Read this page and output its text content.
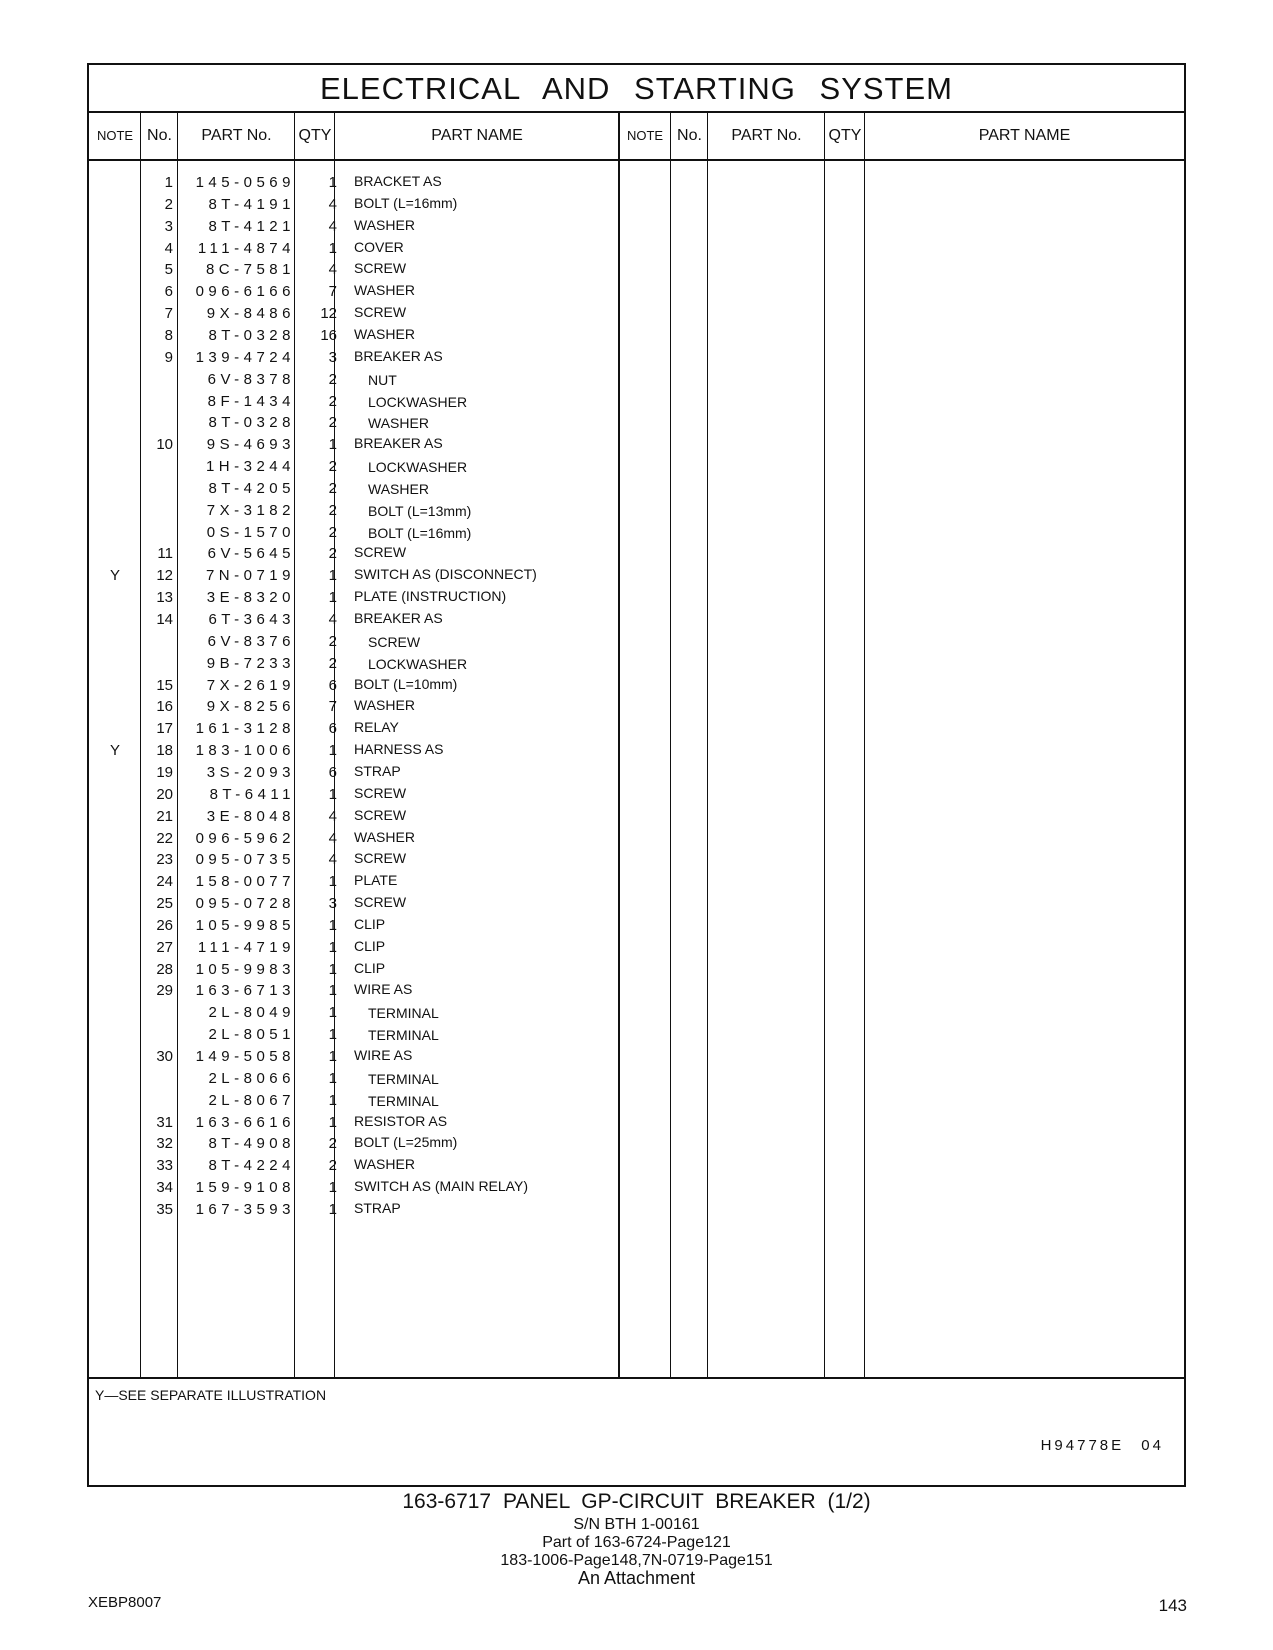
ELECTRICAL AND STARTING SYSTEM
NOTE No.	PART No.	QTY	PART NAME	NOTE No.	PART No.	QTY	PART NAME
1	145-0569	1 BRACKET AS
2	8T-4191	4 BOLT (L=16mm)
3	8T-4121	4 WASHER
4	111-4874	1 COVER
5	8C-7581	4 SCREW
6	096-6166	7 WASHER
7	9X-8486	12 SCREW
8	8T-0328	16 WASHER
9	139-4724	3 BREAKER AS
6V-8378	2 NUT
8F-1434	2 LOCKWASHER
8T-0328	2 WASHER
10	9S-4693	1 BREAKER AS
1H-3244	2 LOCKWASHER
8T-4205	2 WASHER
7X-3182	2 BOLT (L=13mm)
0S-1570	2 BOLT (L=16mm)
11	6V-5645	2 SCREW
Y	12	7N-0719	1 SWITCH AS (DISCONNECT)
13	3E-8320	1 PLATE (INSTRUCTION)
14	6T-3643	4 BREAKER AS
6V-8376	2 SCREW
9B-7233	2 LOCKWASHER
15	7X-2619	6 BOLT (L=10mm)
16	9X-8256	7 WASHER
17	161-3128	6 RELAY
Y	18	183-1006	1 HARNESS AS
19	3S-2093	6 STRAP
20	8T-6411	1 SCREW
21	3E-8048	4 SCREW
22	096-5962	4 WASHER
23	095-0735	4 SCREW
24	158-0077	1 PLATE
25	095-0728	3 SCREW
26	105-9985	1 CLIP
27	111-4719	1 CLIP
28	105-9983	1 CLIP
29	163-6713	1 WIRE AS
2L-8049	1 TERMINAL
2L-8051	1 TERMINAL
30	149-5058	1 WIRE AS
2L-8066	1 TERMINAL
2L-8067	1 TERMINAL
31	163-6616	1 RESISTOR AS
32	8T-4908	2 BOLT (L=25mm)
33	8T-4224	2 WASHER
34	159-9108	1 SWITCH AS (MAIN RELAY)
35	167-3593	1 STRAP
Y—SEE SEPARATE ILLUSTRATION
H94778E 04
163-6717 PANEL GP-CIRCUIT BREAKER (1/2)
S/N BTH 1-00161
Part of 163-6724-Page121
183-1006-Page148,7N-0719-Page151
An Attachment
XEBP8007	143
